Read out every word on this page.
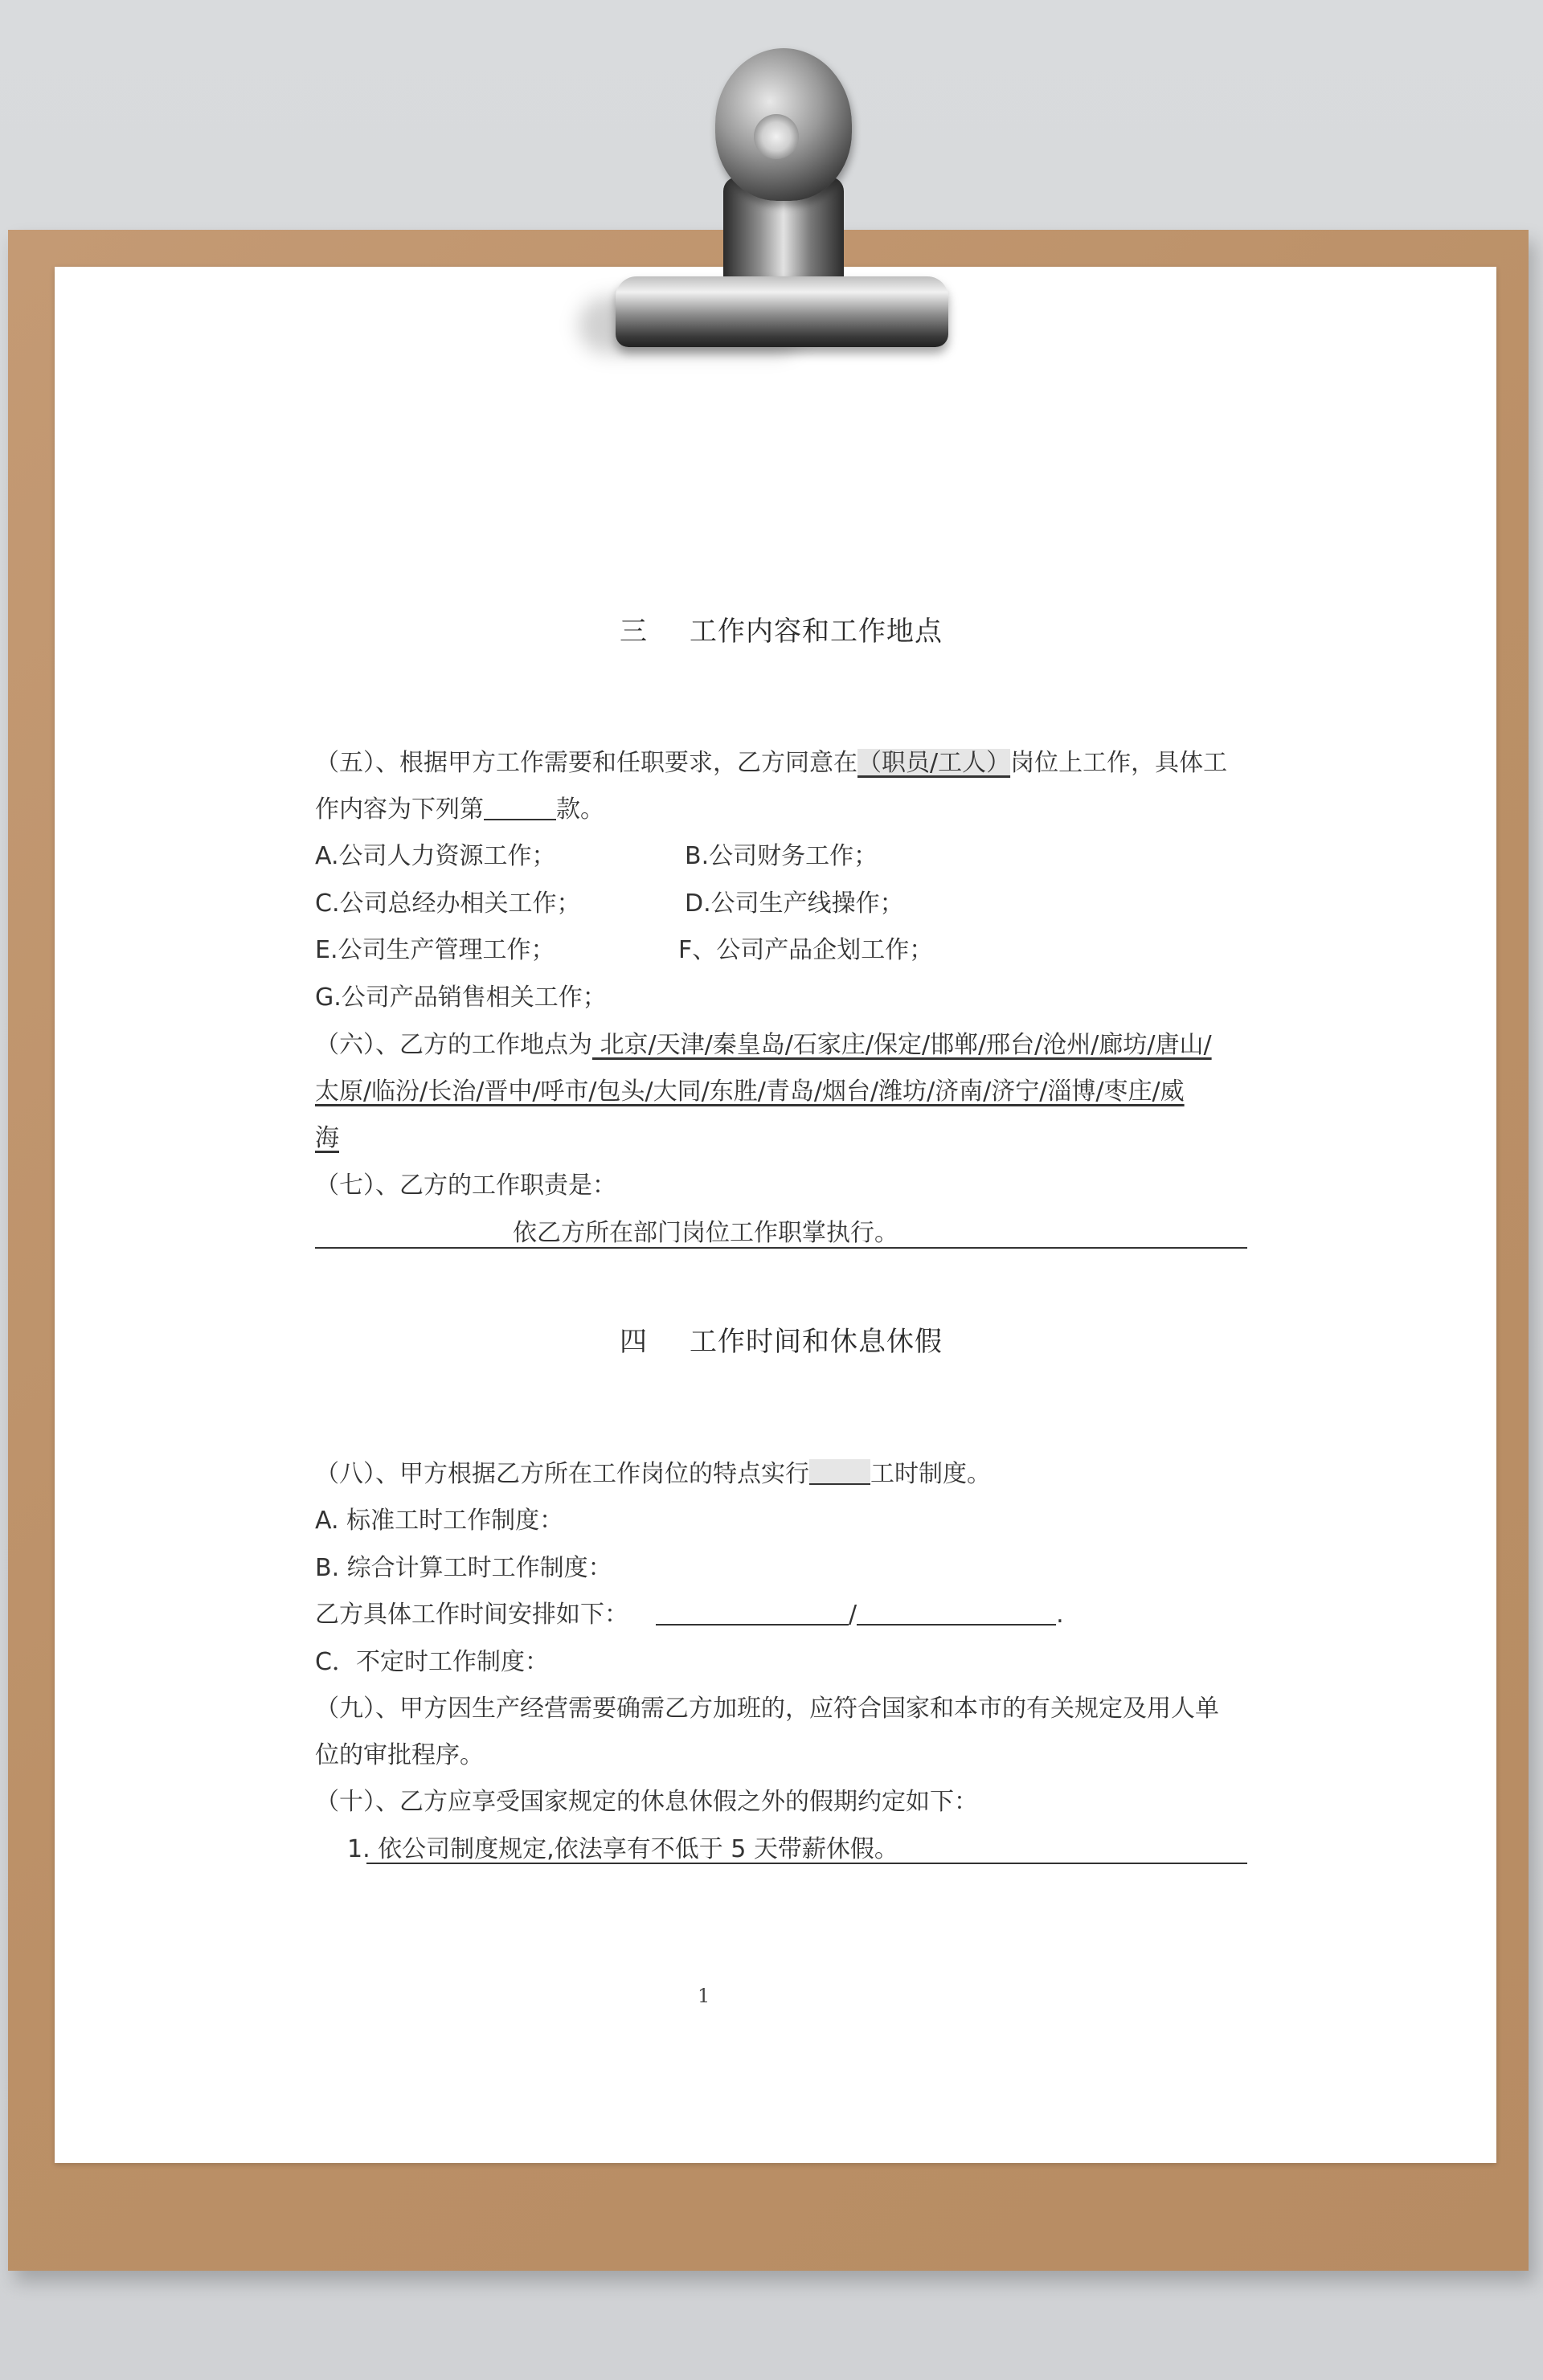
三 工作内容和工作地点
（五）、根据甲方工作需要和任职要求，乙方同意在（职员/工人）岗位上工作，具体工
作内容为下列第	款。
A.公司人力资源工作；	B.公司财务工作；
C.公司总经办相关工作；	D.公司生产线操作；
E.公司生产管理工作；	F、公司产品企划工作；
G.公司产品销售相关工作；
（六）、乙方的工作地点为 北京/天津/秦皇岛/石家庄/保定/邯郸/邢台/沧州/廊坊/唐山/
太原/临汾/长治/晋中/呼市/包头/大同/东胜/青岛/烟台/潍坊/济南/济宁/淄博/枣庄/威
海
（七）、乙方的工作职责是：
依乙方所在部门岗位工作职掌执行。
四 工作时间和休息休假
（八）、甲方根据乙方所在工作岗位的特点实行	工时制度。
A. 标准工时工作制度：
B. 综合计算工时工作制度：
乙方具体工作时间安排如下：	/	.
C．不定时工作制度：
（九）、甲方因生产经营需要确需乙方加班的，应符合国家和本市的有关规定及用人单
位的审批程序。
（十）、乙方应享受国家规定的休息休假之外的假期约定如下：
1. 依公司制度规定,依法享有不低于 5 天带薪休假。
1
